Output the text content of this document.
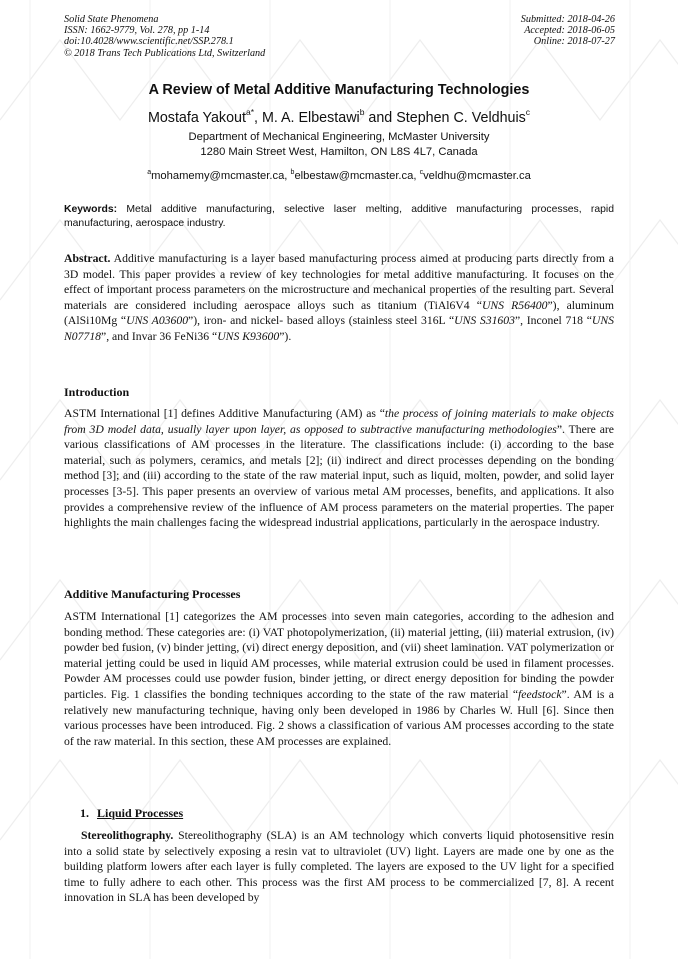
Solid State Phenomena
ISSN: 1662-9779, Vol. 278, pp 1-14
doi:10.4028/www.scientific.net/SSP.278.1
© 2018 Trans Tech Publications Ltd, Switzerland
Submitted: 2018-04-26
Accepted: 2018-06-05
Online: 2018-07-27
A Review of Metal Additive Manufacturing Technologies
Mostafa Yakout$^{a*}$, M. A. Elbestawi$^b$ and Stephen C. Veldhuis$^c$
Department of Mechanical Engineering, McMaster University
1280 Main Street West, Hamilton, ON L8S 4L7, Canada
$^a$mohamemy@mcmaster.ca, $^b$elbestaw@mcmaster.ca, $^c$veldhu@mcmaster.ca
Keywords: Metal additive manufacturing, selective laser melting, additive manufacturing processes, rapid manufacturing, aerospace industry.

Abstract. Additive manufacturing is a layer based manufacturing process aimed at producing parts directly from a 3D model. This paper provides a review of key technologies for metal additive manufacturing. It focuses on the effect of important process parameters on the microstructure and mechanical properties of the resulting part. Several materials are considered including aerospace alloys such as titanium (TiAl6V4 “UNS R56400”), aluminum (AlSi10Mg “UNS A03600”), iron- and nickel- based alloys (stainless steel 316L “UNS S31603”, Inconel 718 “UNS N07718”, and Invar 36 FeNi36 “UNS K93600”).

Introduction

ASTM International [1] defines Additive Manufacturing (AM) as “the process of joining materials to make objects from 3D model data, usually layer upon layer, as opposed to subtractive manufacturing methodologies”. There are various classifications of AM processes in the literature. The classifications include: (i) according to the base material, such as polymers, ceramics, and metals [2]; (ii) indirect and direct processes depending on the bonding method [3]; and (iii) according to the state of the raw material input, such as liquid, molten, powder, and solid layer processes [3-5]. This paper presents an overview of various metal AM processes, benefits, and applications. It also provides a comprehensive review of the influence of AM process parameters on the material properties. The paper highlights the main challenges facing the widespread industrial applications, particularly in the aerospace industry.

Additive Manufacturing Processes

ASTM International [1] categorizes the AM processes into seven main categories, according to the adhesion and bonding method. These categories are: (i) VAT photopolymerization, (ii) material jetting, (iii) material extrusion, (iv) powder bed fusion, (v) binder jetting, (vi) direct energy deposition, and (vii) sheet lamination. VAT polymerization or material jetting could be used in liquid AM processes, while material extrusion could be used in filament processes. Powder AM processes could use powder fusion, binder jetting, or direct energy deposition for binding the powder particles. Fig. 1 classifies the bonding techniques according to the state of the raw material “feedstock”. AM is a relatively new manufacturing technique, having only been developed in 1986 by Charles W. Hull [6]. Since then various processes have been introduced. Fig. 2 shows a classification of various AM processes according to the state of the raw material. In this section, these AM processes are explained.

1. Liquid Processes

Stereolithography. Stereolithography (SLA) is an AM technology which converts liquid photosensitive resin into a solid state by selectively exposing a resin vat to ultraviolet (UV) light. Layers are made one by one as the building platform lowers after each layer is fully completed. The layers are exposed to the UV light for a specified time to fully adhere to each other. This process was the first AM process to be commercialized [7, 8]. A recent innovation in SLA has been developed by
